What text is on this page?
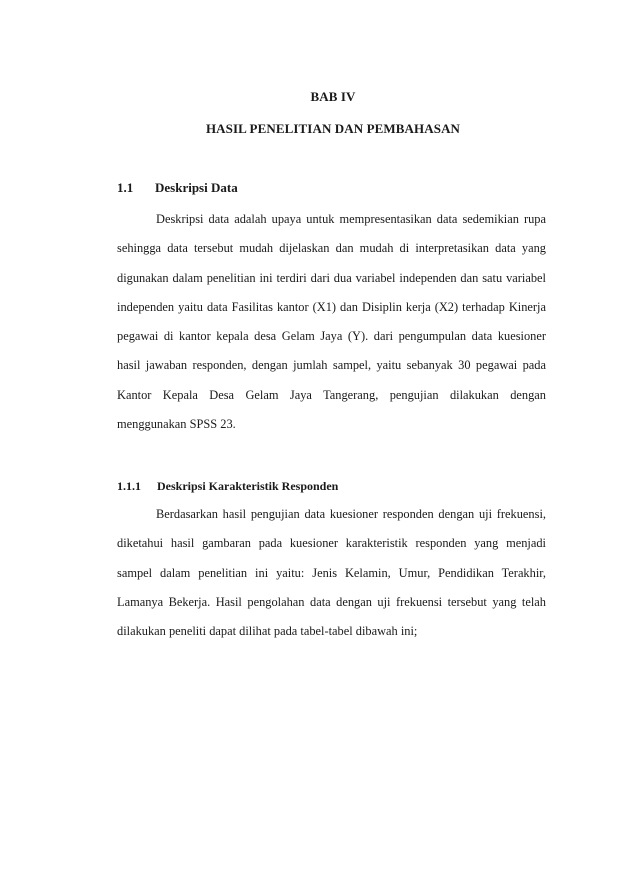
BAB IV
HASIL PENELITIAN DAN PEMBAHASAN
1.1 Deskripsi Data
Deskripsi data adalah upaya untuk mempresentasikan data sedemikian rupa
sehingga data tersebut mudah dijelaskan dan mudah di interpretasikan data yang
digunakan dalam penelitian ini terdiri dari dua variabel independen dan satu variabel
independen yaitu data Fasilitas kantor (X1) dan Disiplin kerja (X2) terhadap Kinerja
pegawai di kantor kepala desa Gelam Jaya (Y). dari pengumpulan data kuesioner
hasil jawaban responden, dengan jumlah sampel, yaitu sebanyak 30 pegawai pada
Kantor Kepala Desa Gelam Jaya Tangerang, pengujian dilakukan dengan
menggunakan SPSS 23.
1.1.1 Deskripsi Karakteristik Responden
Berdasarkan hasil pengujian data kuesioner responden dengan uji frekuensi,
diketahui hasil gambaran pada kuesioner karakteristik responden yang menjadi
sampel dalam penelitian ini yaitu: Jenis Kelamin, Umur, Pendidikan Terakhir,
Lamanya Bekerja. Hasil pengolahan data dengan uji frekuensi tersebut yang telah
dilakukan peneliti dapat dilihat pada tabel-tabel dibawah ini;
